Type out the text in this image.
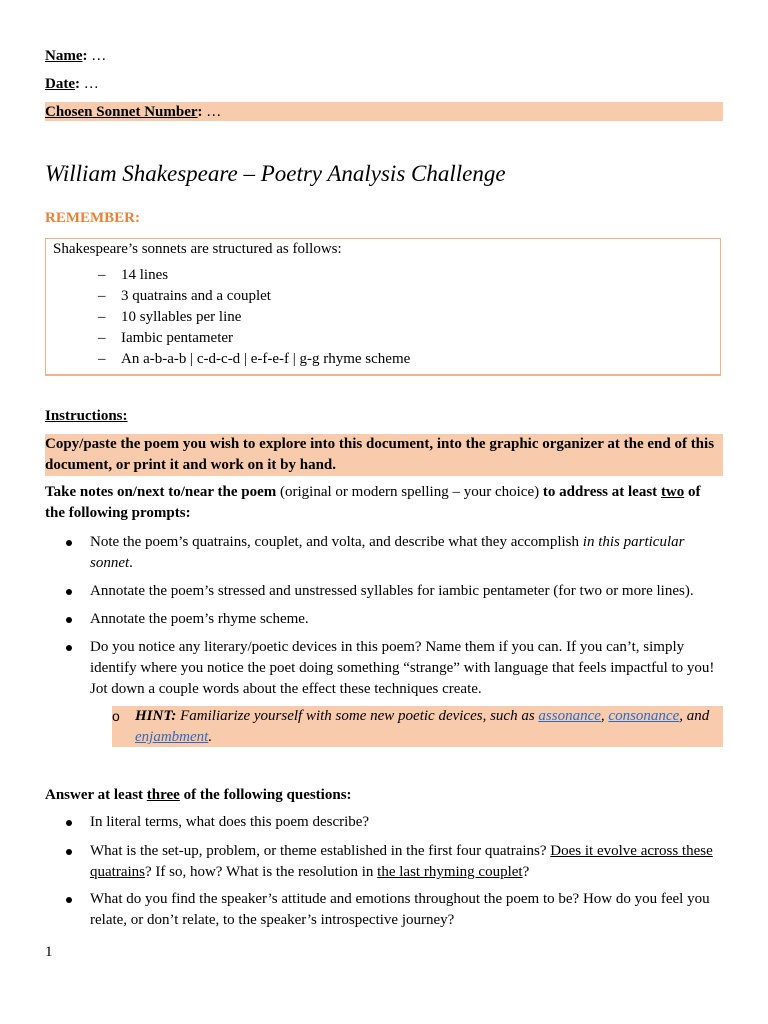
Name: …
Date: …
Chosen Sonnet Number: …
William Shakespeare – Poetry Analysis Challenge
REMEMBER:
Shakespeare’s sonnets are structured as follows:
– 14 lines
– 3 quatrains and a couplet
– 10 syllables per line
– Iambic pentameter
– An a-b-a-b | c-d-c-d | e-f-e-f | g-g rhyme scheme
Instructions:
Copy/paste the poem you wish to explore into this document, into the graphic organizer at the end of this document, or print it and work on it by hand.
Take notes on/next to/near the poem (original or modern spelling – your choice) to address at least two of the following prompts:
Note the poem’s quatrains, couplet, and volta, and describe what they accomplish in this particular sonnet.
Annotate the poem’s stressed and unstressed syllables for iambic pentameter (for two or more lines).
Annotate the poem’s rhyme scheme.
Do you notice any literary/poetic devices in this poem? Name them if you can. If you can’t, simply identify where you notice the poet doing something “strange” with language that feels impactful to you! Jot down a couple words about the effect these techniques create.
o HINT: Familiarize yourself with some new poetic devices, such as assonance, consonance, and enjambment.
Answer at least three of the following questions:
In literal terms, what does this poem describe?
What is the set-up, problem, or theme established in the first four quatrains? Does it evolve across these quatrains? If so, how? What is the resolution in the last rhyming couplet?
What do you find the speaker’s attitude and emotions throughout the poem to be? How do you feel you relate, or don’t relate, to the speaker’s introspective journey?
1
